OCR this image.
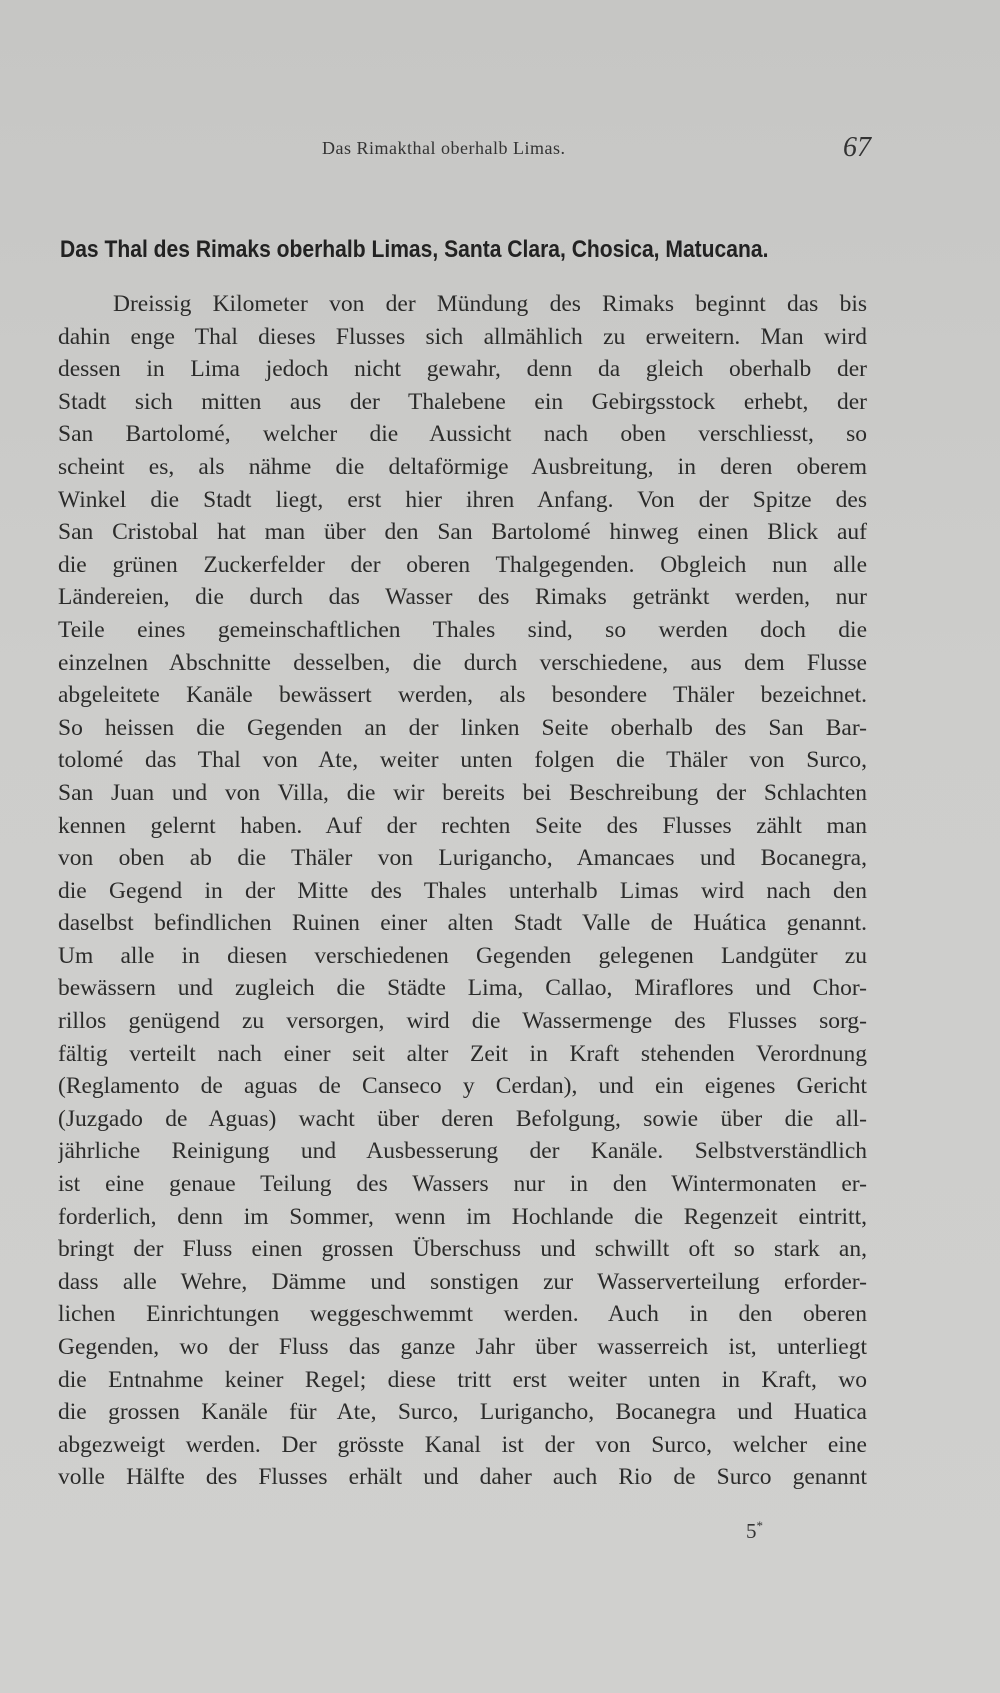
Das Rimakthal oberhalb Limas.	67
Das Thal des Rimaks oberhalb Limas, Santa Clara, Chosica, Matucana.
Dreissig Kilometer von der Mündung des Rimaks beginnt das bis
dahin enge Thal dieses Flusses sich allmählich zu erweitern. Man wird
dessen in Lima jedoch nicht gewahr, denn da gleich oberhalb der
Stadt sich mitten aus der Thalebene ein Gebirgsstock erhebt, der
San Bartolomé, welcher die Aussicht nach oben verschliesst, so
scheint es, als nähme die deltaförmige Ausbreitung, in deren oberem
Winkel die Stadt liegt, erst hier ihren Anfang. Von der Spitze des
San Cristobal hat man über den San Bartolomé hinweg einen Blick auf
die grünen Zuckerfelder der oberen Thalgegenden. Obgleich nun alle
Ländereien, die durch das Wasser des Rimaks getränkt werden, nur
Teile eines gemeinschaftlichen Thales sind, so werden doch die
einzelnen Abschnitte desselben, die durch verschiedene, aus dem Flusse
abgeleitete Kanäle bewässert werden, als besondere Thäler bezeichnet.
So heissen die Gegenden an der linken Seite oberhalb des San Bar-
tolomé das Thal von Ate, weiter unten folgen die Thäler von Surco,
San Juan und von Villa, die wir bereits bei Beschreibung der Schlachten
kennen gelernt haben. Auf der rechten Seite des Flusses zählt man
von oben ab die Thäler von Lurigancho, Amancaes und Bocanegra,
die Gegend in der Mitte des Thales unterhalb Limas wird nach den
daselbst befindlichen Ruinen einer alten Stadt Valle de Huática genannt.
Um alle in diesen verschiedenen Gegenden gelegenen Landgüter zu
bewässern und zugleich die Städte Lima, Callao, Miraflores und Chor-
rillos genügend zu versorgen, wird die Wassermenge des Flusses sorg-
fältig verteilt nach einer seit alter Zeit in Kraft stehenden Verordnung
(Reglamento de aguas de Canseco y Cerdan), und ein eigenes Gericht
(Juzgado de Aguas) wacht über deren Befolgung, sowie über die all-
jährliche Reinigung und Ausbesserung der Kanäle. Selbstverständlich
ist eine genaue Teilung des Wassers nur in den Wintermonaten er-
forderlich, denn im Sommer, wenn im Hochlande die Regenzeit eintritt,
bringt der Fluss einen grossen Überschuss und schwillt oft so stark an,
dass alle Wehre, Dämme und sonstigen zur Wasserverteilung erforder-
lichen Einrichtungen weggeschwemmt werden. Auch in den oberen
Gegenden, wo der Fluss das ganze Jahr über wasserreich ist, unterliegt
die Entnahme keiner Regel; diese tritt erst weiter unten in Kraft, wo
die grossen Kanäle für Ate, Surco, Lurigancho, Bocanegra und Huatica
abgezweigt werden. Der grösste Kanal ist der von Surco, welcher eine
volle Hälfte des Flusses erhält und daher auch Rio de Surco genannt
5*
